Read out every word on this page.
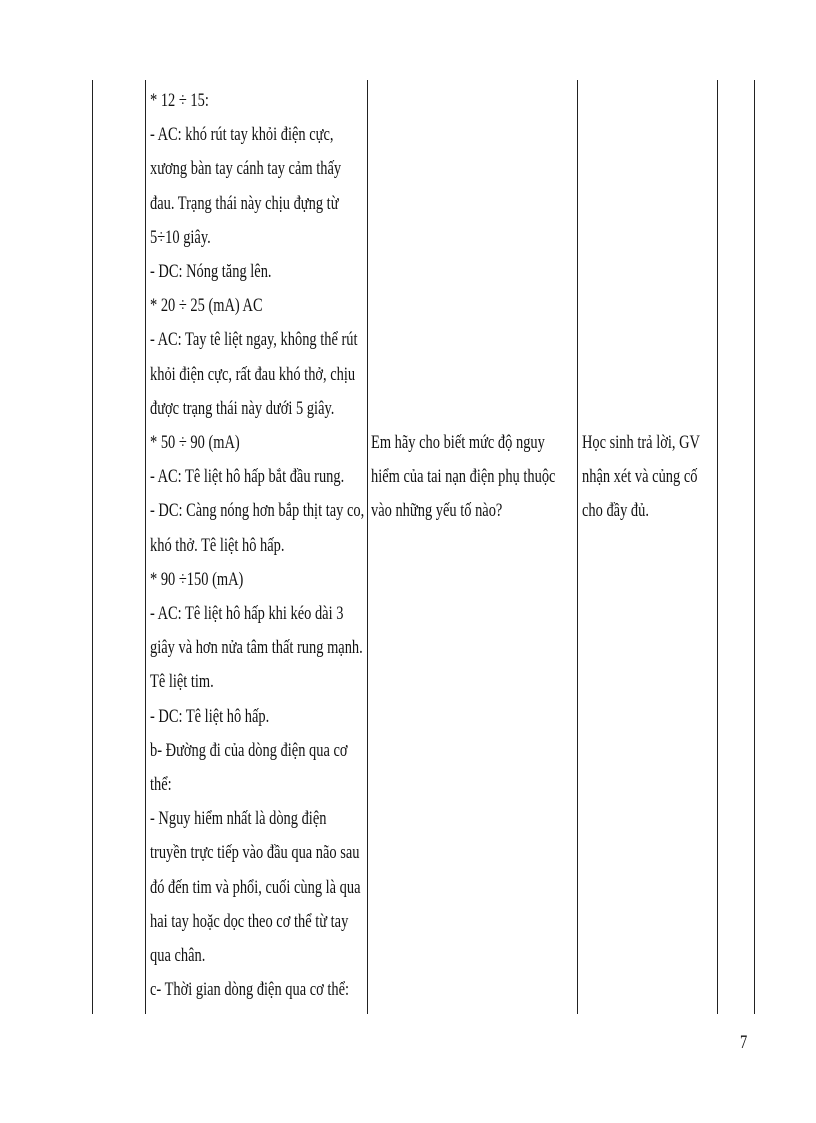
* 12 ÷ 15:
- AC: khó rút tay khỏi điện cực,
xương bàn tay cánh tay cảm thấy
đau. Trạng thái này chịu đựng từ
5÷10 giây.
- DC: Nóng tăng lên.
* 20 ÷ 25 (mA) AC
- AC: Tay tê liệt ngay, không thể rút
khỏi điện cực, rất đau khó thở, chịu
được trạng thái này dưới 5 giây.
* 50 ÷ 90 (mA)
- AC: Tê liệt hô hấp bắt đầu rung.
- DC: Càng nóng hơn bắp thịt tay co,
khó thở. Tê liệt hô hấp.
* 90 ÷150 (mA)
- AC: Tê liệt hô hấp khi kéo dài 3
giây và hơn nửa tâm thất rung mạnh.
Tê liệt tim.
- DC: Tê liệt hô hấp.
b- Đường đi của dòng điện qua cơ
thể:
- Nguy hiểm nhất là dòng điện
truyền trực tiếp vào đầu qua não sau
đó đến tim và phổi, cuối cùng là qua
hai tay hoặc dọc theo cơ thể từ tay
qua chân.
c- Thời gian dòng điện qua cơ thể:
Em hãy cho biết mức độ nguy
hiểm của tai nạn điện phụ thuộc
vào những yếu tố nào?
Học sinh trả lời, GV
nhận xét và củng cố
cho đầy đủ.
7
